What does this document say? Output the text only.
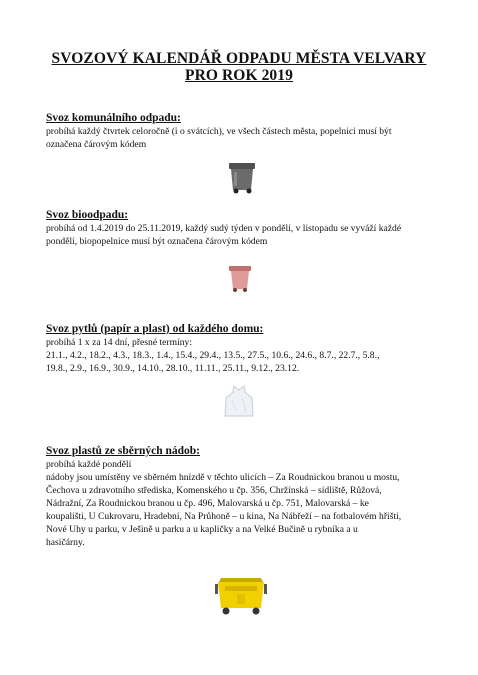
SVOZOVÝ KALENDÁŘ ODPADU MĚSTA VELVARY
PRO ROK 2019
Svoz komunálního odpadu:
probíhá každý čtvrtek celoročně (i o svátcích), ve všech částech města, popelnici musí být
označena čárovým kódem
Svoz bioodpadu:
probíhá od 1.4.2019 do 25.11.2019, každý sudý týden v pondělí, v listopadu se vyváží každé
pondělí, biopopelnice musí být označena čárovým kódem
Svoz pytlů (papír a plast) od každého domu:
probíhá 1 x za 14 dní, přesné termíny:
21.1., 4.2., 18.2., 4.3., 18.3., 1.4., 15.4., 29.4., 13.5., 27.5., 10.6., 24.6., 8.7., 22.7., 5.8.,
19.8., 2.9., 16.9., 30.9., 14.10., 28.10., 11.11., 25.11., 9.12., 23.12.
Svoz plastů ze sběrných nádob:
probíhá každé pondělí
nádoby jsou umístěny ve sběrném hnízdě v těchto ulicích – Za Roudnickou branou u mostu,
Čechova u zdravotního střediska, Komenského u čp. 356, Chržínská – sídliště, Růžová,
Nádražní, Za Roudnickou branou u čp. 496, Malovarská u čp. 751, Malovarská – ke
koupališti, U Cukrovaru, Hradební, Na Průhoně – u kina, Na Nábřeží – na fotbalovém hřišti,
Nové Uhy u parku, v Ješině u parku a u kapličky a na Velké Bučině u rybníka a u
hasičárny.
